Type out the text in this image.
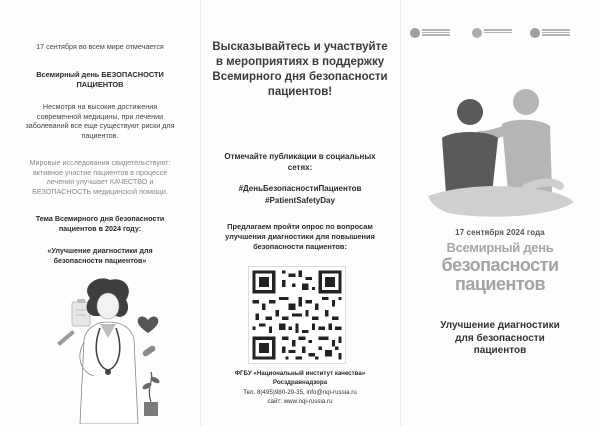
17 сентября во всем мире отмечается
Всемирный день БЕЗОПАСНОСТИ ПАЦИЕНТОВ
Несмотря на высокие достижения современной медицины, при лечении заболеваний все еще существуют риски для пациентов.
Мировые исследования свидетельствуют: активное участие пациентов в процессе лечения улучшает КАЧЕСТВО и БЕЗОПАСНОСТЬ медицинской помощи.
Тема Всемирного дня безопасности пациентов в 2024 году:
«Улучшение диагностики для безопасности пациентов»
Высказывайтесь и участвуйте в мероприятиях в поддержку Всемирного дня безопасности пациентов!
Отмечайте публикации в социальных сетях:
#ДеньБезопасностиПациентов
#PatientSafetyDay
Предлагаем пройти опрос по вопросам улучшения диагностики для повышения безопасности пациентов:
ФГБУ «Национальный институт качества»
Росздравнадзора
Тел. 8(495)980-29-35, info@nqi-russia.ru
сайт: www.nqi-russia.ru
17 сентября 2024 года
Всемирный день
безопасности пациентов
Улучшение диагностики для безопасности пациентов
